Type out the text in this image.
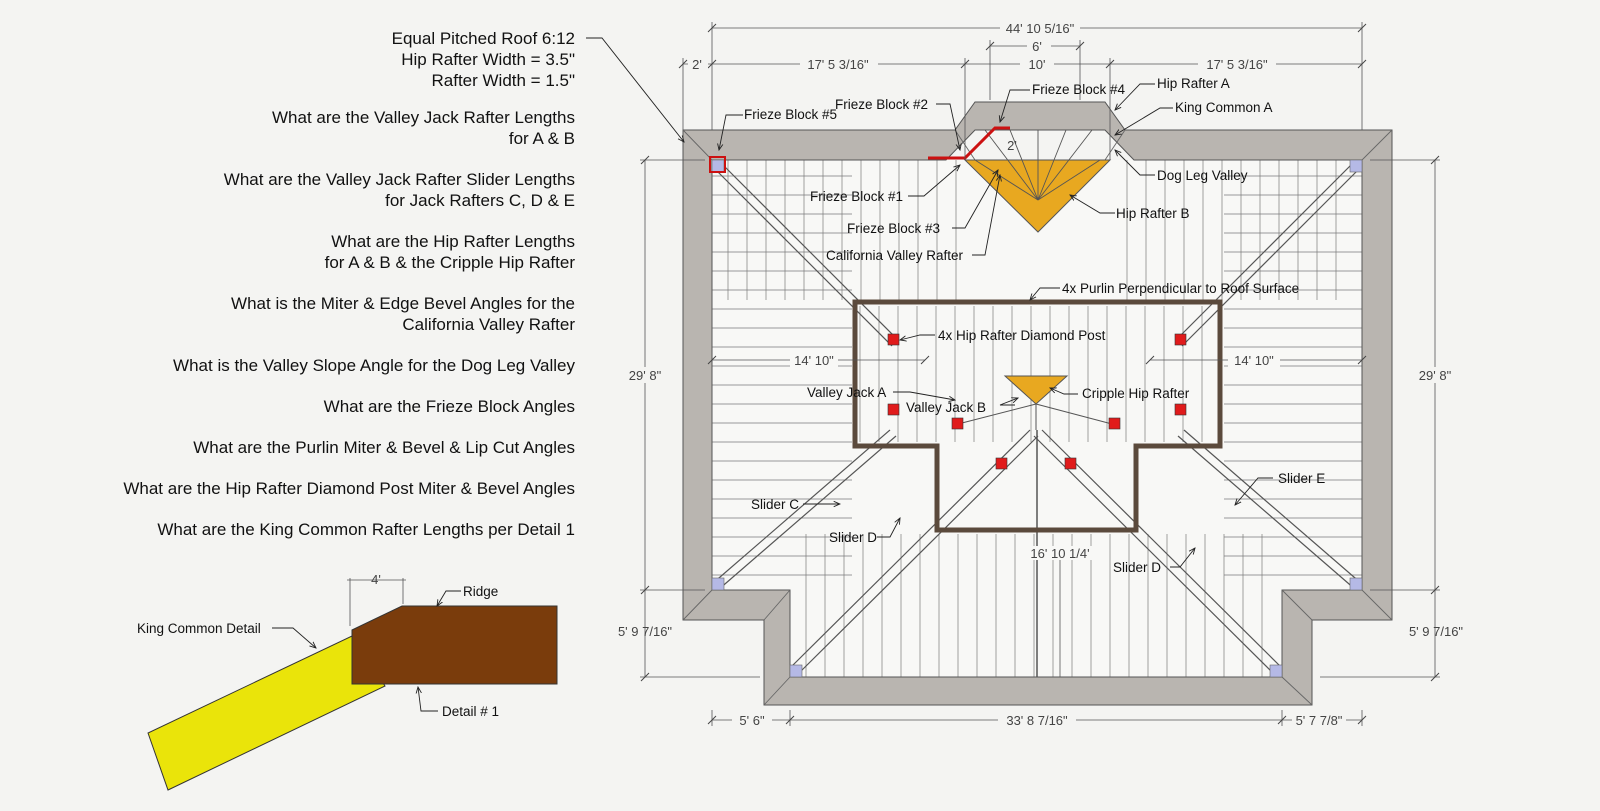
Equal Pitched Roof 6:12
Hip Rafter Width = 3.5"
Rafter Width = 1.5"
What are the Valley Jack Rafter Lengths
for A & B
What are the Valley Jack Rafter Slider Lengths
for Jack Rafters C, D & E
What are the Hip Rafter Lengths
for A & B & the Cripple Hip Rafter
What is the Miter & Edge Bevel Angles for the
California Valley Rafter
What is the Valley Slope Angle for the Dog Leg Valley
What are the Frieze Block Angles
What are the Purlin Miter & Bevel & Lip Cut Angles
What are the Hip Rafter Diamond Post Miter & Bevel Angles
What are the King Common Rafter Lengths per Detail 1
4'
Ridge
King Common Detail
Detail # 1
44' 10 5/16"
6'
2'	17' 5 3/16"	10'	17' 5 3/16"
2'
29' 8"	29' 8"
14' 10"	14' 10"
16' 10 1/4'
5' 9 7/16"	5' 9 7/16"
5' 6"	33' 8 7/16"	5' 7 7/8"
Frieze Block #5
Frieze Block #2
Frieze Block #4 Hip Rafter A
King Common A
Dog Leg Valley
Frieze Block #1
Hip Rafter B
Frieze Block #3
California Valley Rafter
4x Purlin Perpendicular to Roof Surface
4x Hip Rafter Diamond Post
Valley Jack A
Valley Jack B
Cripple Hip Rafter
Slider C
Slider D
Slider E
Slider D
